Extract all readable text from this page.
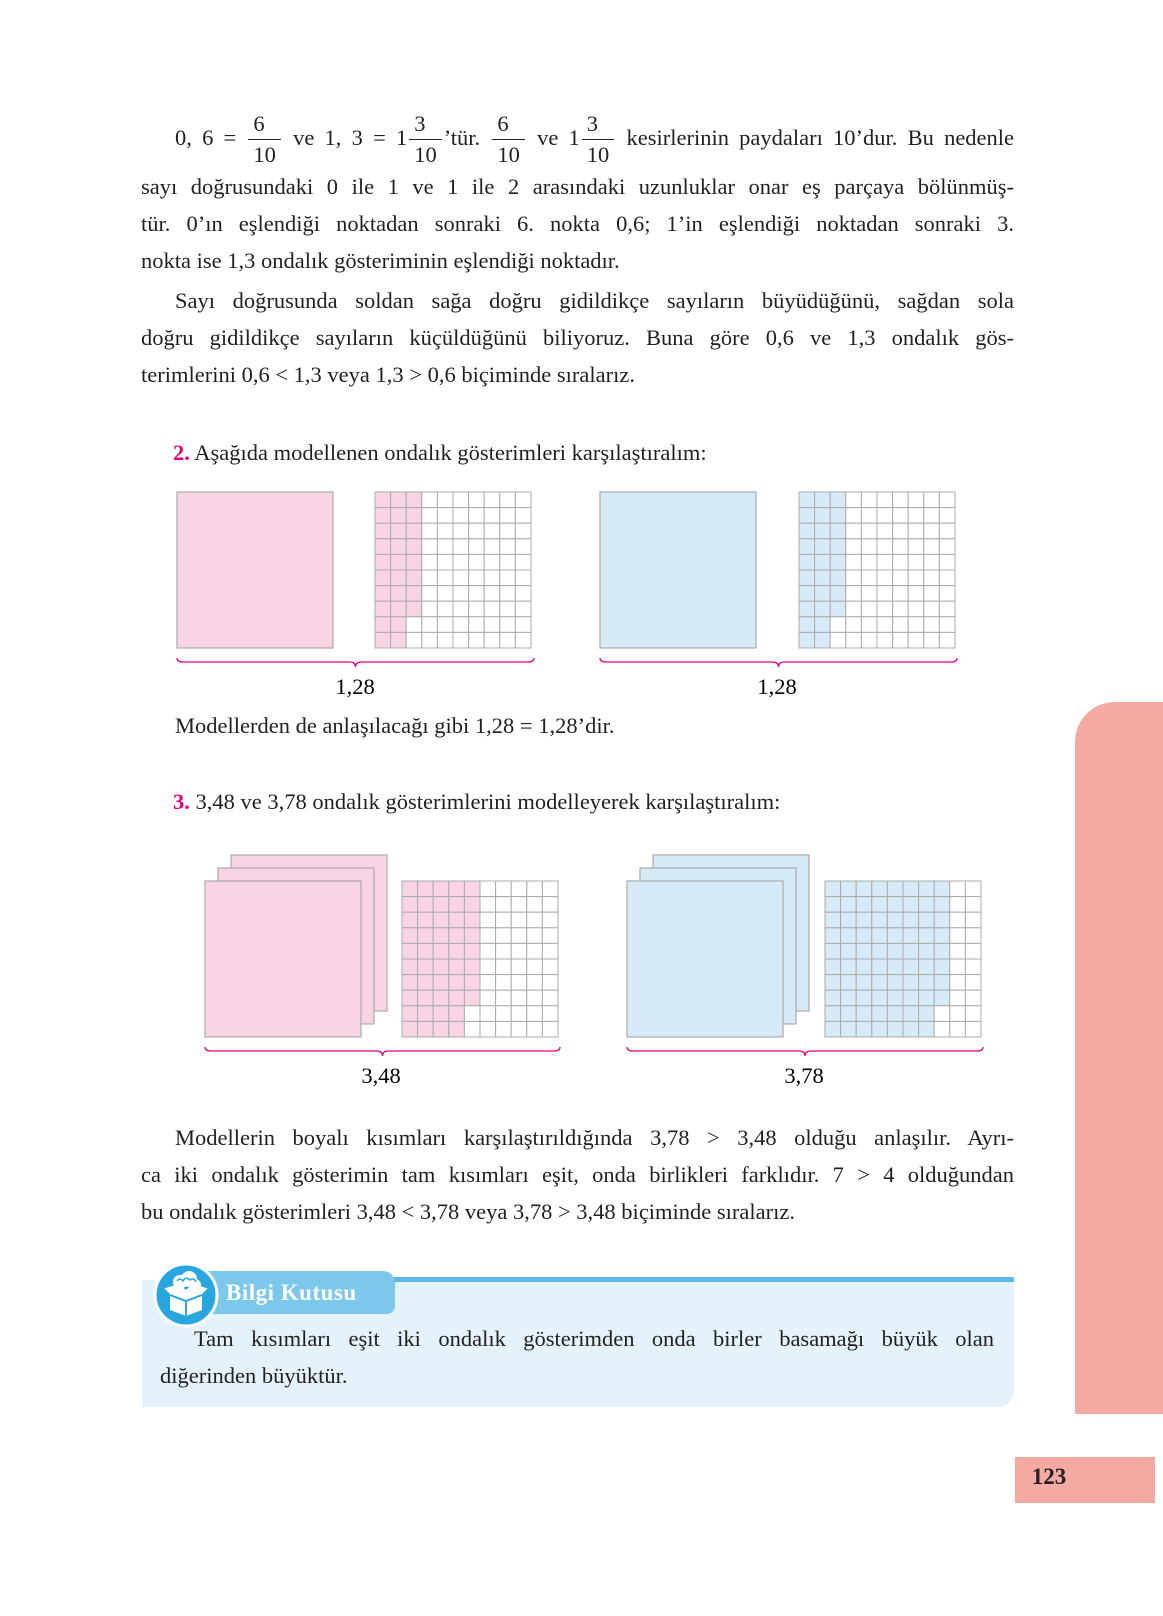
0, $6 = \frac{6}{10}$ ve 1, $3 = 1 \frac{3}{10}$ ’tür. $\frac{6}{10}$ ve $1 \frac{3}{10}$ kesirlerinin paydaları 10’dur. Bu nedenle
sayı doğrusundaki 0 ile 1 ve 1 ile 2 arasındaki uzunluklar onar eş parçaya bölünmüş-
tür. 0’ın eşlendiği noktadan sonraki 6. nokta 0,6; 1’in eşlendiği noktadan sonraki 3.
nokta ise 1,3 ondalık gösteriminin eşlendiği noktadır.
Sayı doğrusunda soldan sağa doğru gidildikçe sayıların büyüdüğünü, sağdan sola
doğru gidildikçe sayıların küçüldüğünü biliyoruz. Buna göre 0,6 ve 1,3 ondalık gös-
terimlerini 0,6 < 1,3 veya 1,3 > 0,6 biçiminde sıralarız.

2. Aşağıda modellenen ondalık gösterimleri karşılaştıralım:

1,28	1,28
3,48	3,78

Modellerden de anlaşılacağı gibi 1,28 = 1,28’dir.

3. 3,48 ve 3,78 ondalık gösterimlerini modelleyerek karşılaştıralım:

Modellerin boyalı kısımları karşılaştırıldığında 3,78 > 3,48 olduğu anlaşılır. Ayrı-
ca iki ondalık gösterimin tam kısımları eşit, onda birlikleri farklıdır. 7 > 4 olduğundan
bu ondalık gösterimleri 3,48 < 3,78 veya 3,78 > 3,48 biçiminde sıralarız.
Bilgi Kutusu
Tam kısımları eşit iki ondalık gösterimden onda birler basamağı büyük olan
diğerinden büyüktür.
123
